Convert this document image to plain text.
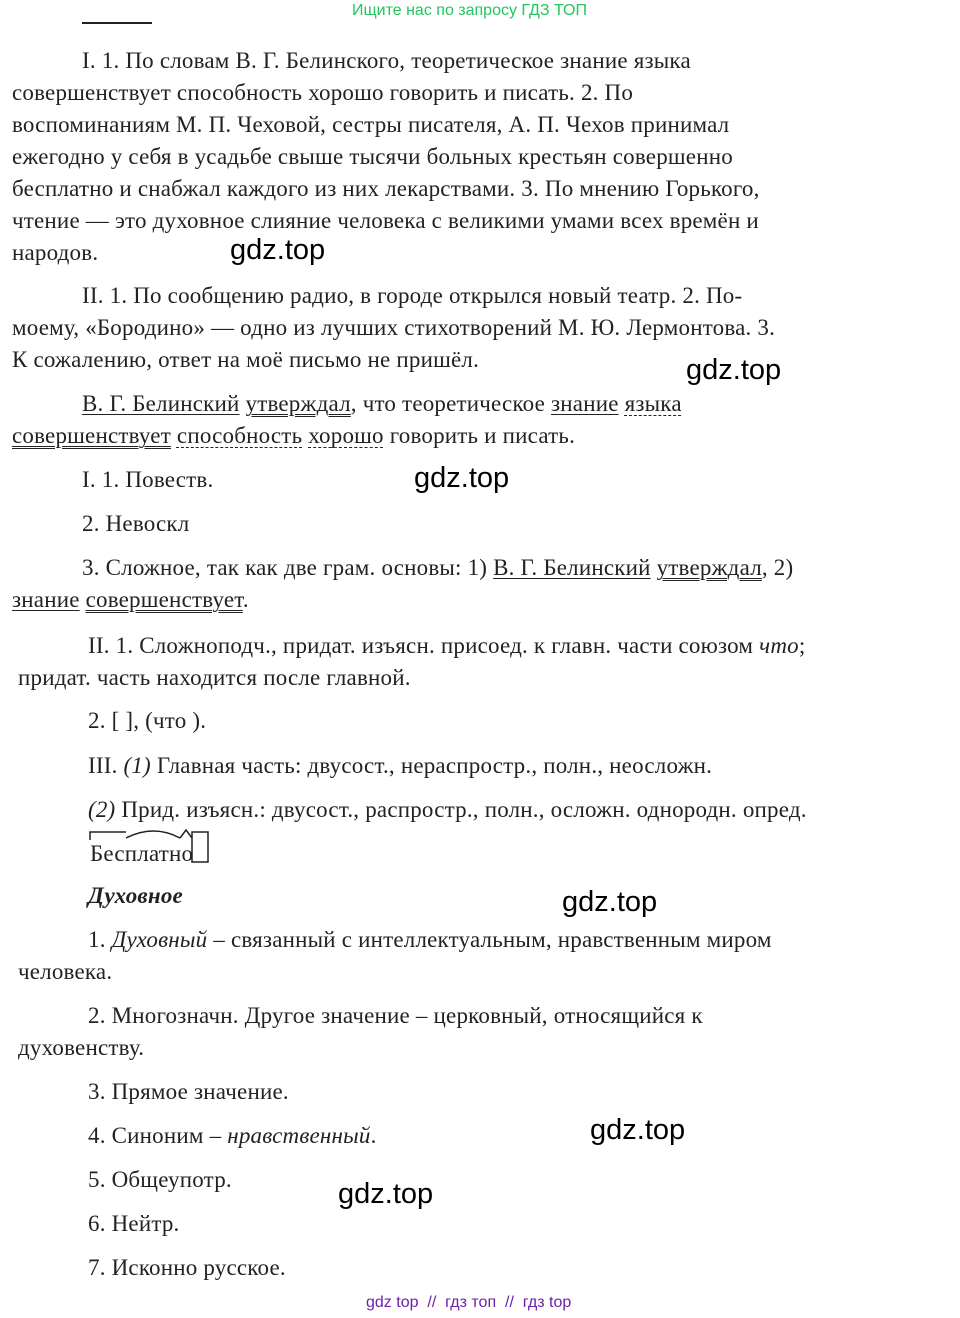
Ищите нас по запросу ГДЗ ТОП
I. 1. По словам В. Г. Белинского, теоретическое знание языка
совершенствует способность хорошо говорить и писать. 2. По
воспоминаниям М. П. Чеховой, сестры писателя, А. П. Чехов принимал
ежегодно у себя в усадьбе свыше тысячи больных крестьян совершенно
бесплатно и снабжал каждого из них лекарствами. 3. По мнению Горького,
чтение — это духовное слияние человека с великими умами всех времён и
народов.	gdz.top
II. 1. По сообщению радио, в городе открылся новый театр. 2. По-
моему, «Бородино» — одно из лучших стихотворений М. Ю. Лермонтова. 3.
К сожалению, ответ на моё письмо не пришёл.	gdz.top
В. Г. Белинский утверждал, что теоретическое знание языка
совершенствует способность хорошо говорить и писать.
I. 1. Повеств.	gdz.top
2. Невоскл
3. Сложное, так как две грам. основы: 1) В. Г. Белинский утверждал, 2)
знание совершенствует.
II. 1. Сложноподч., придат. изъясн. присоед. к главн. части союзом что;
придат. часть находится после главной.
2. [ ], (что ).
III. (1) Главная часть: двусост., нераспростр., полн., неосложн.
(2) Прид. изъясн.: двусост., распростр., полн., осложн. однородн. опред.
Бесплатно
Духовное	gdz.top
1. Духовный – связанный с интеллектуальным, нравственным миром
человека.
2. Многозначн. Другое значение – церковный, относящийся к
духовенству.
3. Прямое значение.
4. Синоним – нравственный.	gdz.top
5. Общеупотр.	gdz.top
6. Нейтр.
7. Исконно русское.
gdz top  //  гдз топ  //  гдз top
